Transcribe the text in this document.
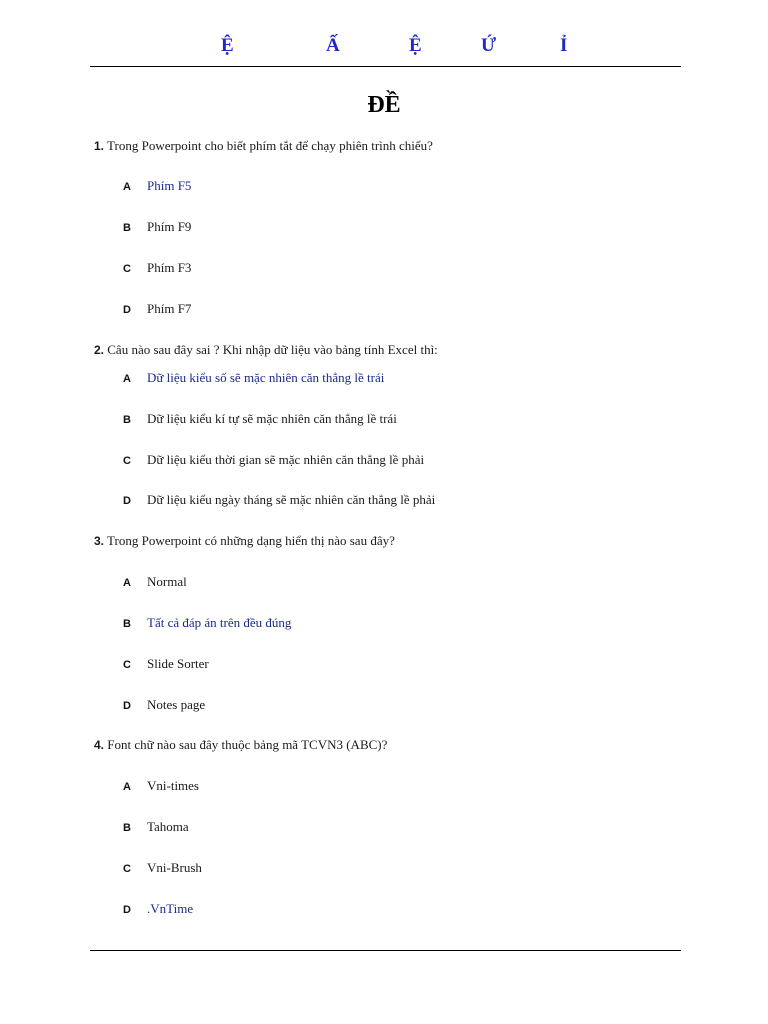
Ệ	Ấ	Ệ	Ứ	Ỉ
ĐỀ
1. Trong Powerpoint cho biết phím tắt để chạy phiên trình chiếu?
A Phím F5
B Phím F9
C Phím F3
D Phím F7
2. Câu nào sau đây sai ? Khi nhập dữ liệu vào bảng tính Excel thì:
A Dữ liệu kiểu số sẽ mặc nhiên căn thẳng lề trái
B Dữ liệu kiểu kí tự sẽ mặc nhiên căn thẳng lề trái
C Dữ liệu kiểu thời gian sẽ mặc nhiên căn thẳng lề phải
D Dữ liệu kiểu ngày tháng sẽ mặc nhiên căn thẳng lề phải
3. Trong Powerpoint có những dạng hiển thị nào sau đây?
A Normal
B Tất cả đáp án trên đều đúng
C Slide Sorter
D Notes page
4. Font chữ nào sau đây thuộc bảng mã TCVN3 (ABC)?
A Vni-times
B Tahoma
C Vni-Brush
D .VnTime
